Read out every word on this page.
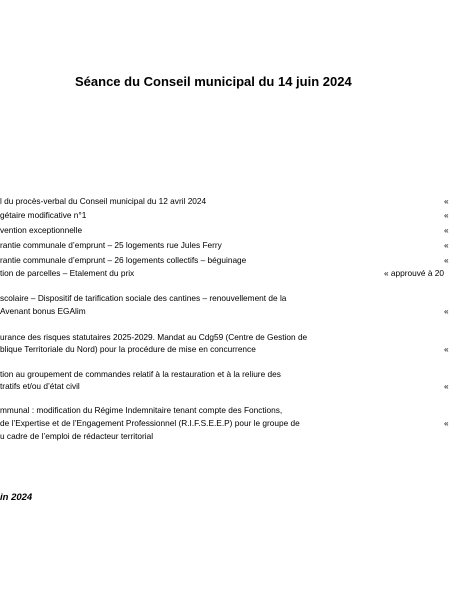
Séance du Conseil municipal du 14 juin 2024
l du procès-verbal du Conseil municipal du 12 avril 2024	«
gétaire modificative n°1	«
vention exceptionnelle	«
rantie communale d’emprunt – 25 logements rue Jules Ferry	«
rantie communale d’emprunt – 26 logements collectifs – béguinage	«
tion de parcelles – Etalement du prix	« approuvé à 20
scolaire – Dispositif de tarification sociale des cantines – renouvellement de la
Avenant bonus EGAlim	«
urance des risques statutaires 2025-2029. Mandat au Cdg59 (Centre de Gestion de
blique Territoriale du Nord) pour la procédure de mise en concurrence	«
tion au groupement de commandes relatif à la restauration et à la reliure des
tratifs et/ou d’état civil	«
mmunal : modification du Régime Indemnitaire tenant compte des Fonctions,
de l’Expertise et de l’Engagement Professionnel (R.I.F.S.E.E.P) pour le groupe de	«
u cadre de l’emploi de rédacteur territorial
in 2024
